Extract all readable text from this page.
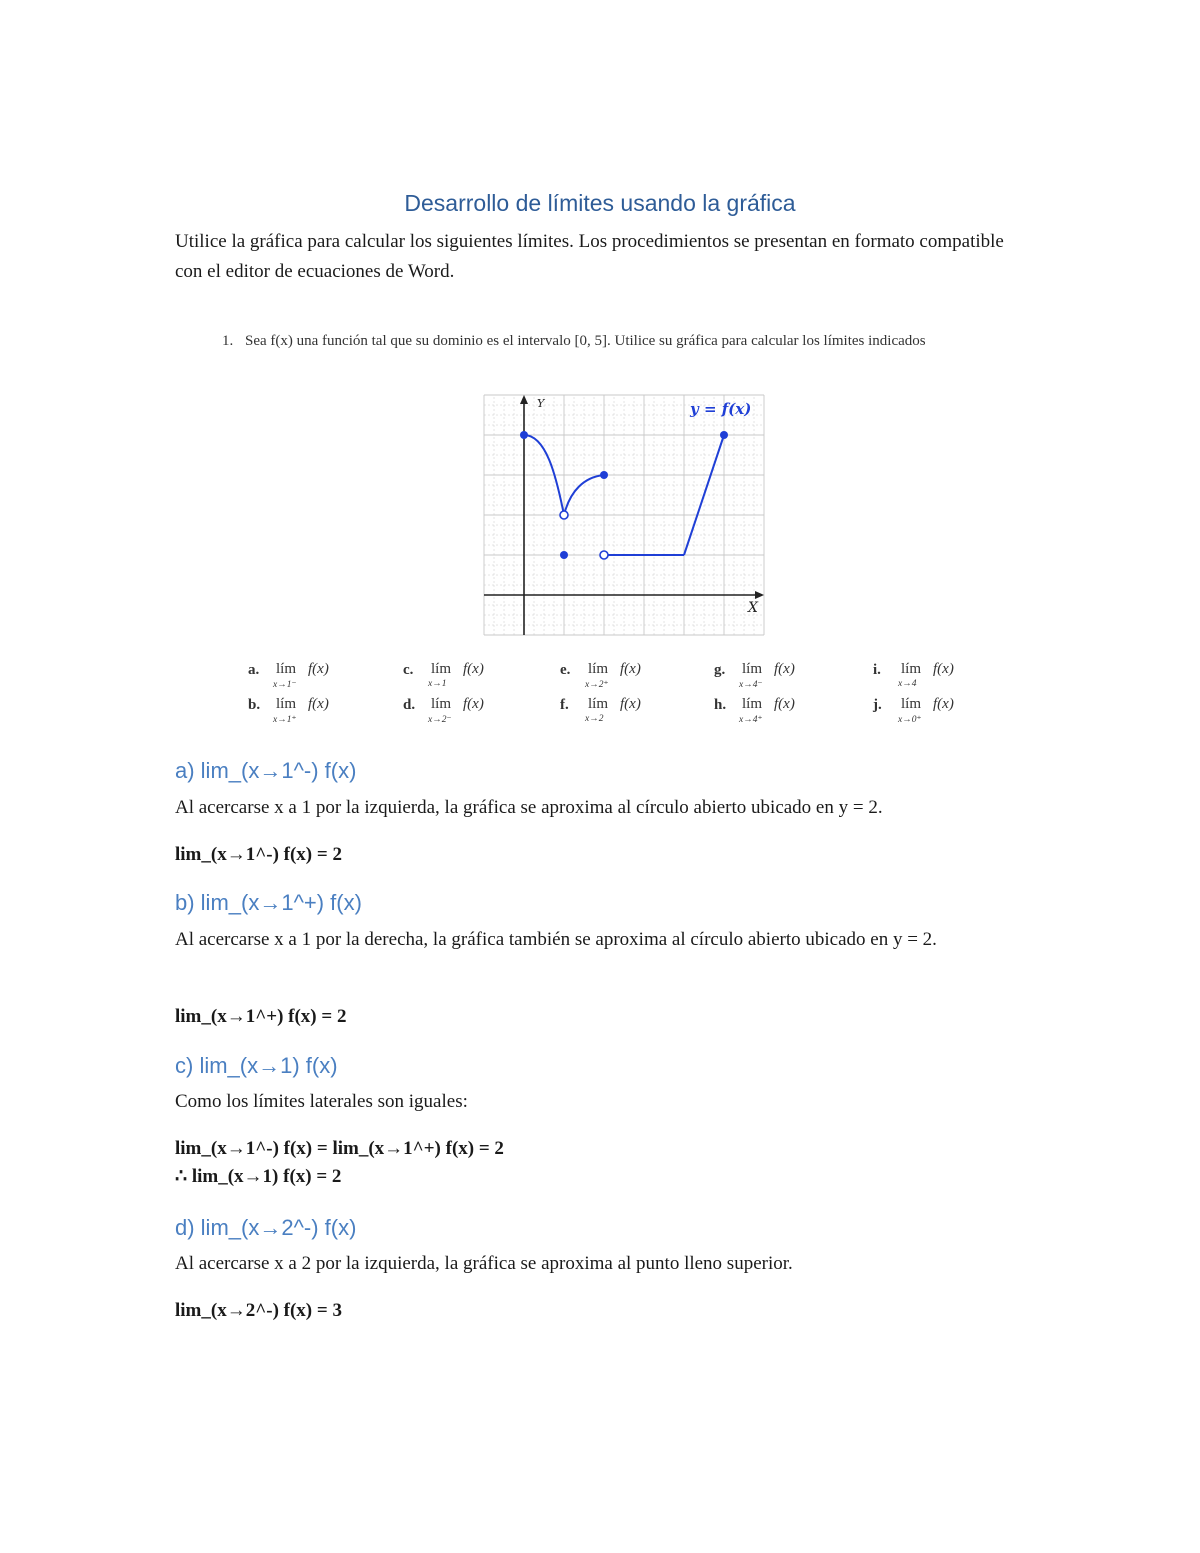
Desarrollo de límites usando la gráfica

Utilice la gráfica para calcular los siguientes límites. Los procedimientos se presentan en formato compatible con el editor de ecuaciones de Word.

1. Sea f(x) una función tal que su dominio es el intervalo [0, 5]. Utilice su gráfica para calcular los límites indicados
Y
X
y = f(x)
a. lím
x→1⁻
f(x)
b. lím
x→1⁺
f(x)
c. lím
x→1
f(x)
d. lím
x→2⁻
f(x)
e. lím
x→2⁺
f(x)
f. lím
x→2
f(x)
g. lím
x→4⁻
f(x)
h. lím
x→4⁺
f(x)
i. lím
x→4
f(x)
j. lím
x→0⁺
f(x)
a) lim_(x→1^-) f(x)

Al acercarse x a 1 por la izquierda, la gráfica se aproxima al círculo abierto ubicado en y = 2.

lim_(x→1^-) f(x) = 2

b) lim_(x→1^+) f(x)

Al acercarse x a 1 por la derecha, la gráfica también se aproxima al círculo abierto ubicado en y = 2.

lim_(x→1^+) f(x) = 2

c) lim_(x→1) f(x)

Como los límites laterales son iguales:

lim_(x→1^-) f(x) = lim_(x→1^+) f(x) = 2

∴ lim_(x→1) f(x) = 2

d) lim_(x→2^-) f(x)

Al acercarse x a 2 por la izquierda, la gráfica se aproxima al punto lleno superior.

lim_(x→2^-) f(x) = 3
